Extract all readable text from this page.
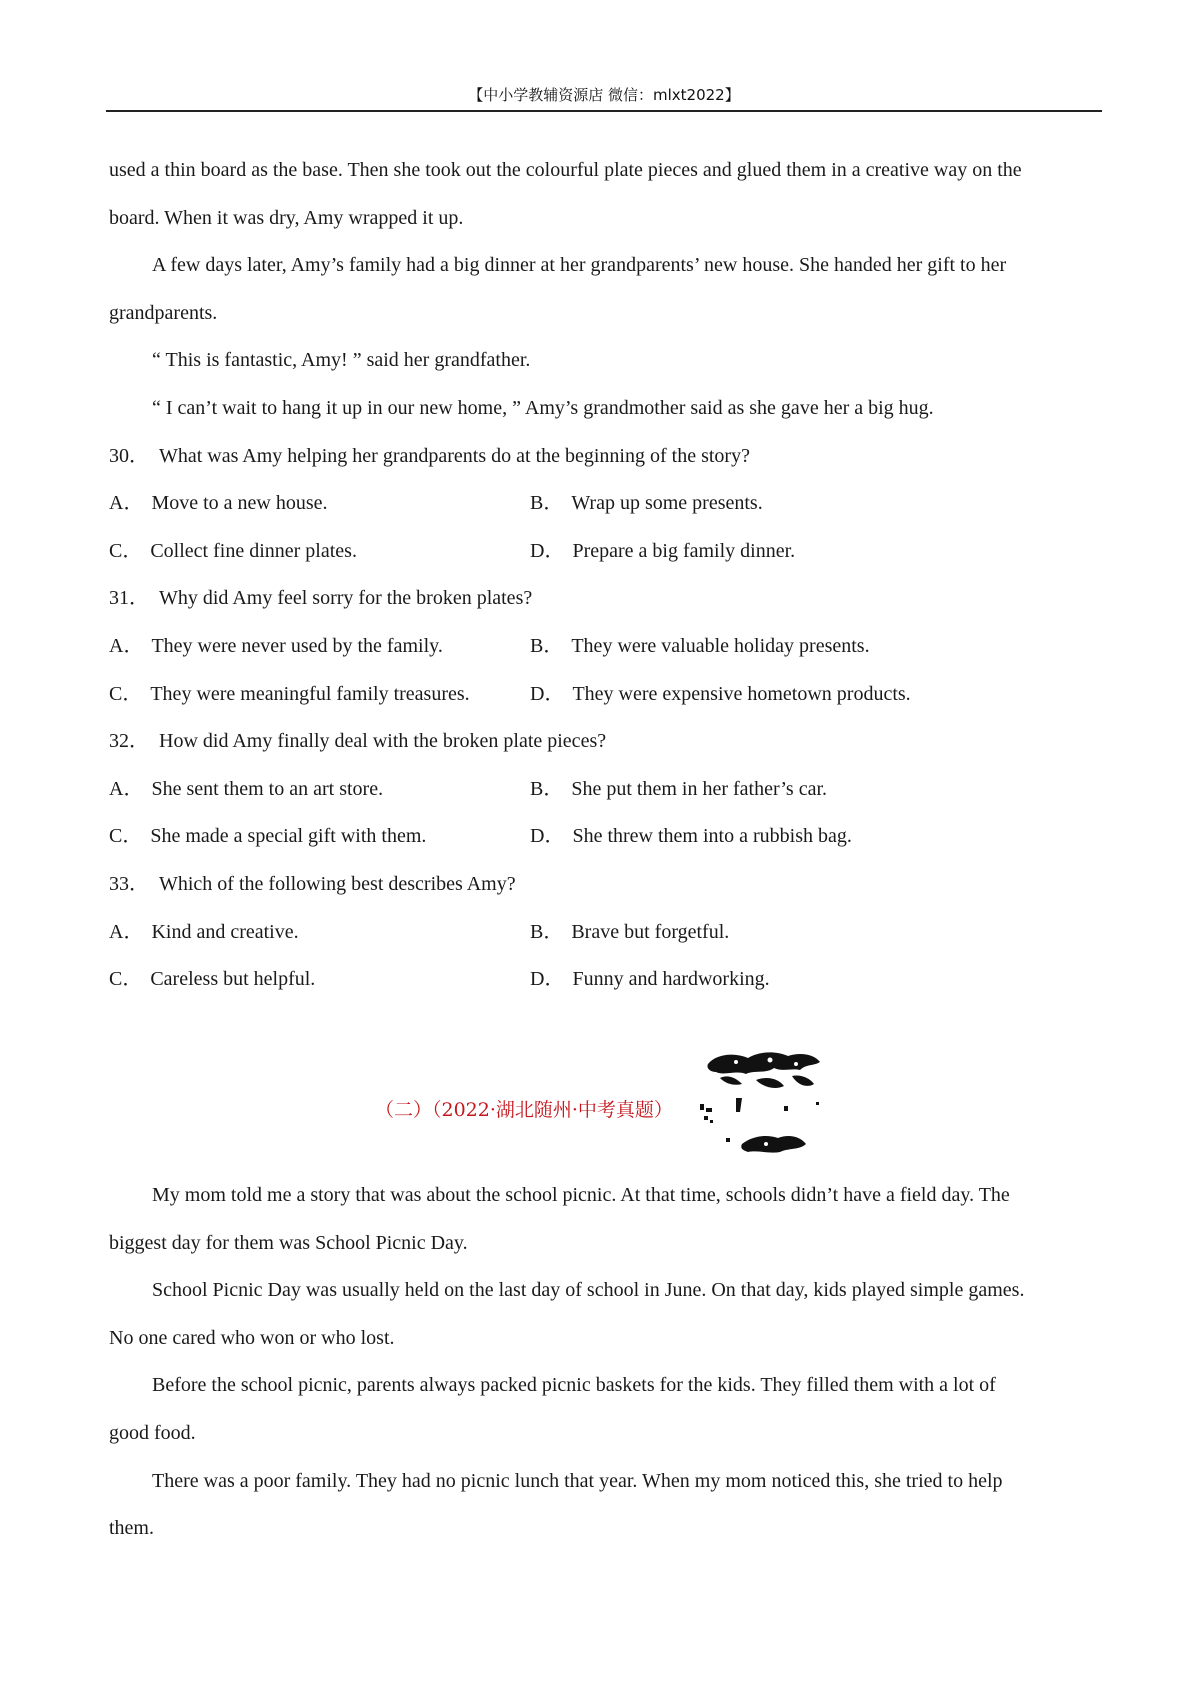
【中小学教辅资源店 微信：mlxt2022】
used a thin board as the base. Then she took out the colourful plate pieces and glued them in a creative way on the
board. When it was dry, Amy wrapped it up.
A few days later, Amy’s family had a big dinner at her grandparents’ new house. She handed her gift to her
grandparents.
“ This is fantastic, Amy! ” said her grandfather.
“ I can’t wait to hang it up in our new home, ” Amy’s grandmother said as she gave her a big hug.
30． What was Amy helping her grandparents do at the beginning of the story?
A． Move to a new house.	B． Wrap up some presents.
C． Collect fine dinner plates.	D． Prepare a big family dinner.
31． Why did Amy feel sorry for the broken plates?
A． They were never used by the family.	B． They were valuable holiday presents.
C． They were meaningful family treasures.	D． They were expensive hometown products.
32． How did Amy finally deal with the broken plate pieces?
A． She sent them to an art store.	B． She put them in her father’s car.
C． She made a special gift with them.	D． She threw them into a rubbish bag.
33． Which of the following best describes Amy?
A． Kind and creative.	B． Brave but forgetful.
C． Careless but helpful.	D． Funny and hardworking.
（二）（2022·湖北随州·中考真题）
My mom told me a story that was about the school picnic. At that time, schools didn’t have a field day. The
biggest day for them was School Picnic Day.
School Picnic Day was usually held on the last day of school in June. On that day, kids played simple games.
No one cared who won or who lost.
Before the school picnic, parents always packed picnic baskets for the kids. They filled them with a lot of
good food.
There was a poor family. They had no picnic lunch that year. When my mom noticed this, she tried to help
them.
